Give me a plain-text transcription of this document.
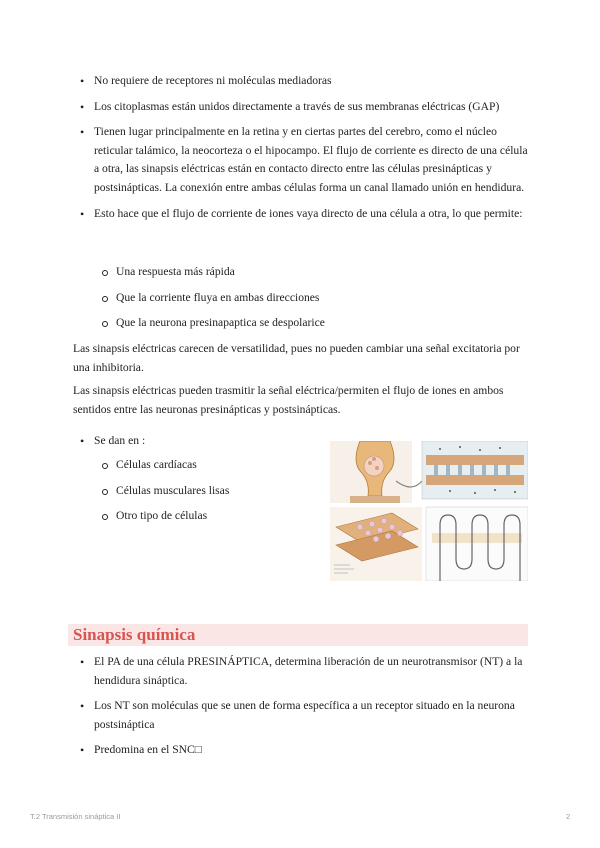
• No requiere de receptores ni moléculas mediadoras
• Los citoplasmas están unidos directamente a través de sus membranas eléctricas (GAP)
• Tienen lugar principalmente en la retina y en ciertas partes del cerebro, como el núcleo reticular talámico, la neocorteza o el hipocampo. El flujo de corriente es directo de una célula a otra, las sinapsis eléctricas están en contacto directo entre las células presinápticas y postsinápticas. La conexión entre ambas células forma un canal llamado unión en hendidura.
• Esto hace que el flujo de corriente de iones vaya directo de una célula a otra, lo que permite:
Una respuesta más rápida
Que la corriente fluya en ambas direcciones
Que la neurona presinapaptica se despolarice

Las sinapsis eléctricas carecen de versatilidad, pues no pueden cambiar una señal excitatoria por una inhibitoria.

Las sinapsis eléctricas pueden trasmitir la señal eléctrica/permiten el flujo de iones en ambos sentidos entre las neuronas presinápticas y postsinápticas.

• Se dan en :
Células cardíacas
Células musculares lisas
Otro tipo de células
Sinapsis química
• El PA de una célula PRESINÁPTICA, determina liberación de un neurotransmisor (NT) a la hendidura sináptica.
• Los NT son moléculas que se unen de forma específica a un receptor situado en la neurona postsináptica
• Predomina en el SNC□
T.2 Transmisión sináptica II	2
